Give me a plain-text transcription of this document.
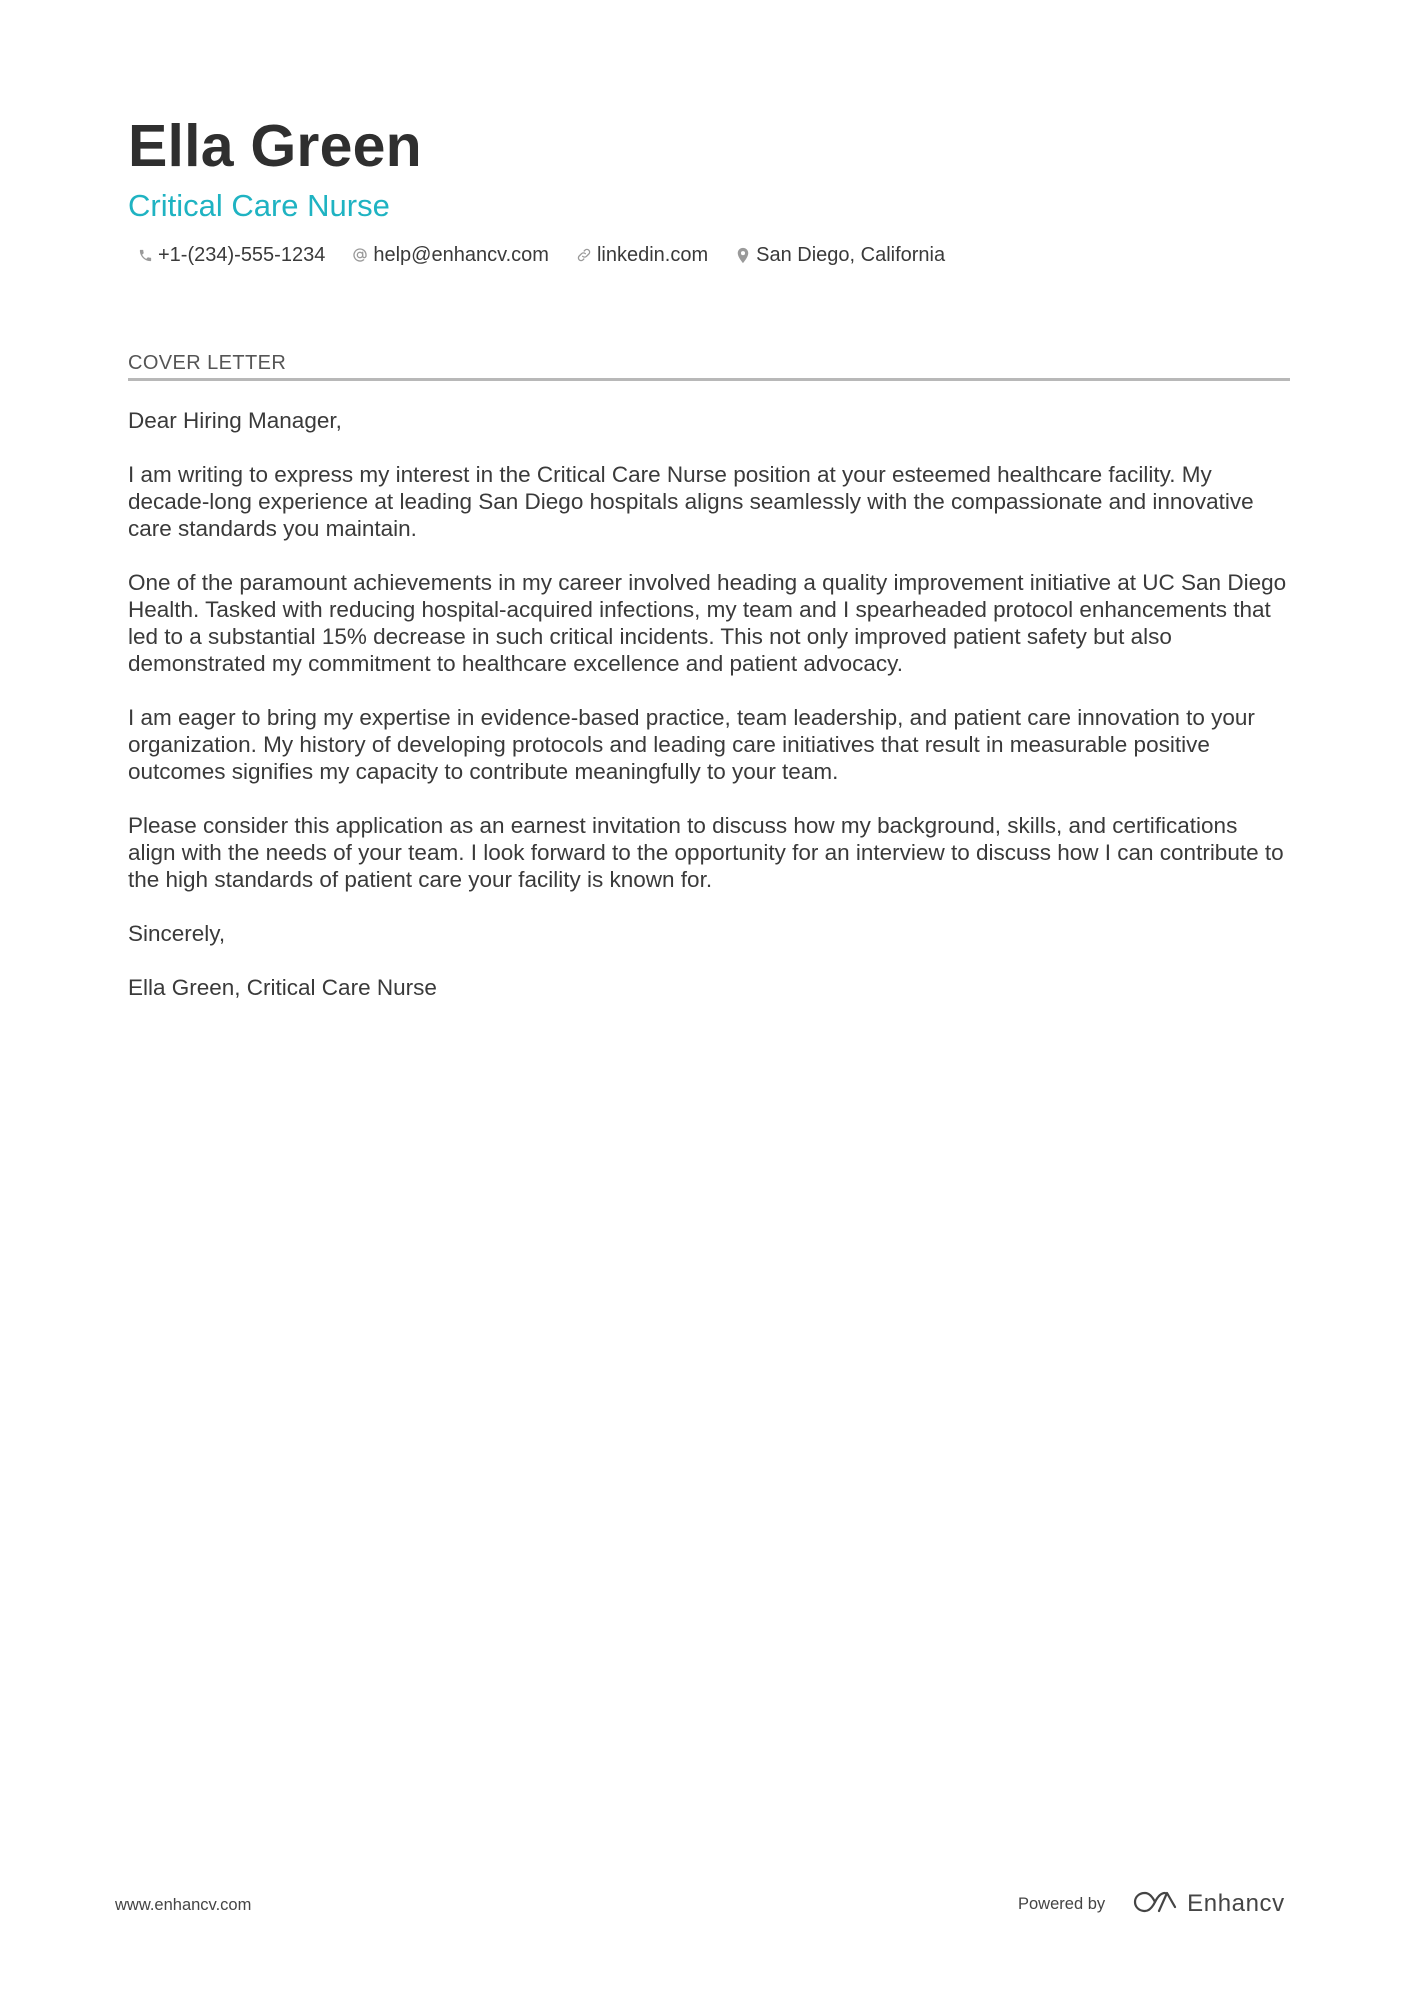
Ella Green
Critical Care Nurse
+1-(234)-555-1234 help@enhancv.com linkedin.com San Diego, California
COVER LETTER

Dear Hiring Manager,

I am writing to express my interest in the Critical Care Nurse position at your esteemed healthcare facility. My decade-long experience at leading San Diego hospitals aligns seamlessly with the compassionate and innovative care standards you maintain.

One of the paramount achievements in my career involved heading a quality improvement initiative at UC San Diego Health. Tasked with reducing hospital-acquired infections, my team and I spearheaded protocol enhancements that led to a substantial 15% decrease in such critical incidents. This not only improved patient safety but also demonstrated my commitment to healthcare excellence and patient advocacy.

I am eager to bring my expertise in evidence-based practice, team leadership, and patient care innovation to your organization. My history of developing protocols and leading care initiatives that result in measurable positive outcomes signifies my capacity to contribute meaningfully to your team.

Please consider this application as an earnest invitation to discuss how my background, skills, and certifications align with the needs of your team. I look forward to the opportunity for an interview to discuss how I can contribute to the high standards of patient care your facility is known for.

Sincerely,

Ella Green, Critical Care Nurse

www.enhancv.com	Powered by	Enhancv
